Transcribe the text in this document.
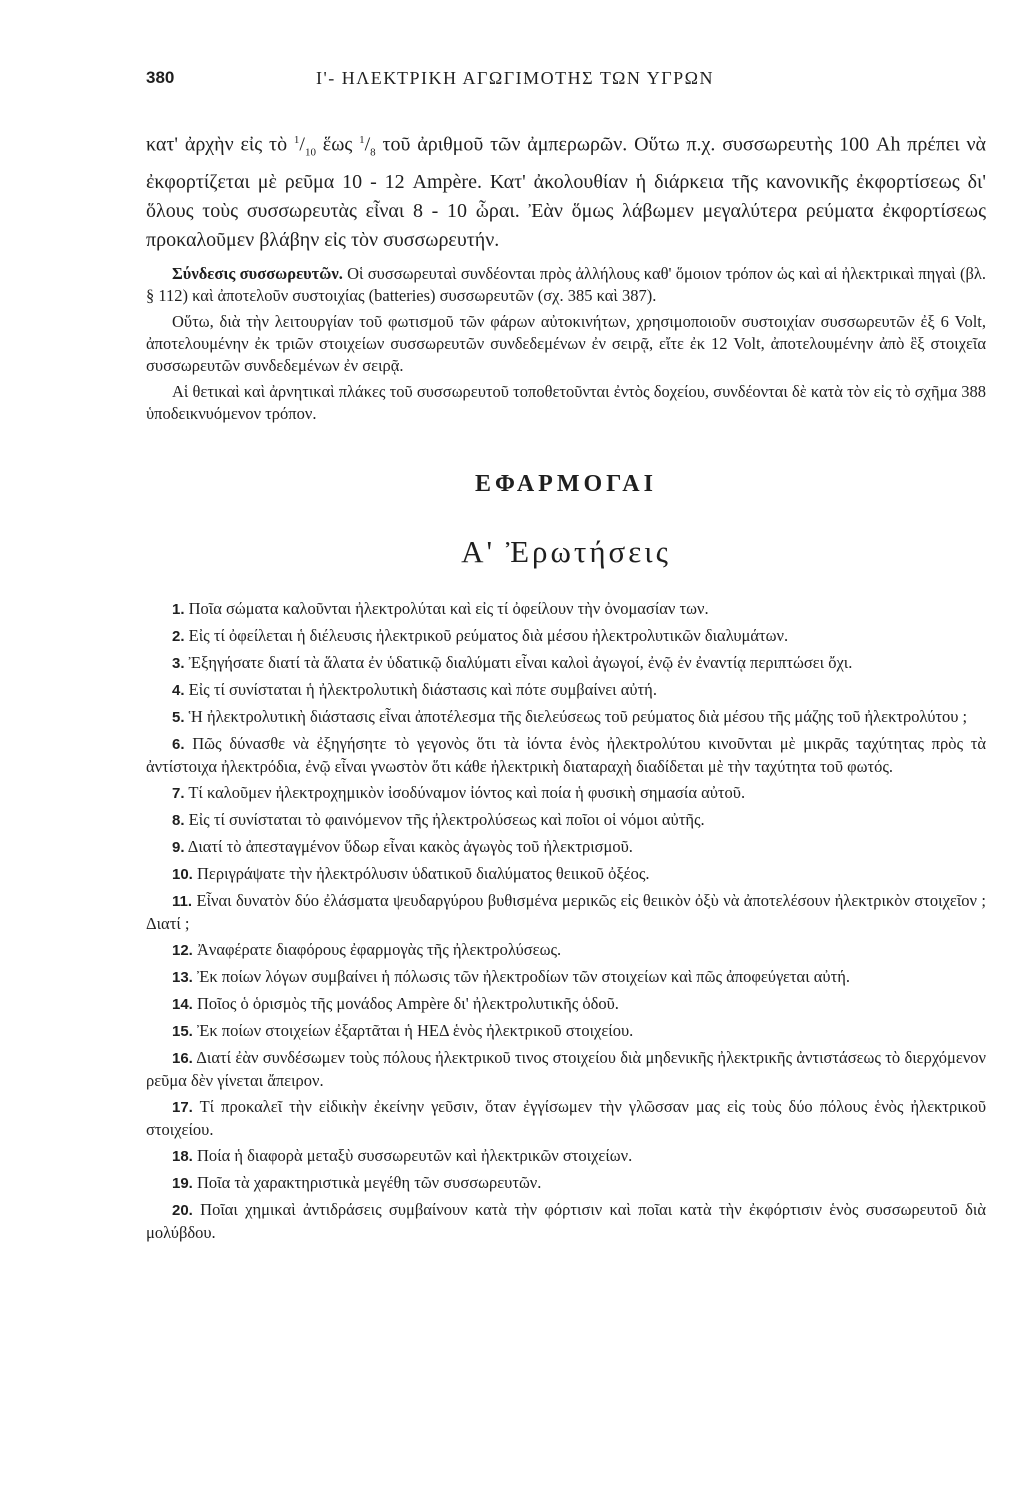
380	Ι'- ΗΛΕΚΤΡΙΚΗ ΑΓΩΓΙΜΟΤΗΣ ΤΩΝ ΥΓΡΩΝ

κατ' ἀρχὴν εἰς τὸ $^1/_{10}$ ἕως $^1/_8$ τοῦ ἀριθμοῦ τῶν ἀμπερωρῶν. Οὕτω π.χ. συσσωρευτὴς 100 Ah πρέπει νὰ ἐκφορτίζεται μὲ ρεῦμα 10 - 12 Ampère. Κατ' ἀκολουθίαν ἡ διάρκεια τῆς κανονικῆς ἐκφορτίσεως δι' ὅλους τοὺς συσσωρευτὰς εἶναι 8 - 10 ὧραι. Ἐὰν ὅμως λάβωμεν μεγαλύτερα ρεύματα ἐκφορτίσεως προκαλοῦμεν βλάβην εἰς τὸν συσσωρευτήν.

Σύνδεσις συσσωρευτῶν. Οἱ συσσωρευταὶ συνδέονται πρὸς ἀλλήλους καθ' ὅμοιον τρόπον ὡς καὶ αἱ ἠλεκτρικαὶ πηγαὶ (βλ. § 112) καὶ ἀποτελοῦν συστοιχίας (batteries) συσσωρευτῶν (σχ. 385 καὶ 387).

Οὕτω, διὰ τὴν λειτουργίαν τοῦ φωτισμοῦ τῶν φάρων αὐτοκινήτων, χρησιμοποιοῦν συστοιχίαν συσσωρευτῶν ἐξ 6 Volt, ἀποτελουμένην ἐκ τριῶν στοιχείων συσσωρευτῶν συνδεδεμένων ἐν σειρᾷ, εἴτε ἐκ 12 Volt, ἀποτελουμένην ἀπὸ ἓξ στοιχεῖα συσσωρευτῶν συνδεδεμένων ἐν σειρᾷ.

Αἱ θετικαὶ καὶ ἀρνητικαὶ πλάκες τοῦ συσσωρευτοῦ τοποθετοῦνται ἐντὸς δοχείου, συνδέονται δὲ κατὰ τὸν εἰς τὸ σχῆμα 388 ὑποδεικνυόμενον τρόπον.

ΕΦΑΡΜΟΓΑΙ
Α' Ἐρωτήσεις
1. Ποῖα σώματα καλοῦνται ἠλεκτρολύται καὶ εἰς τί ὀφείλουν τὴν ὀνομασίαν των.
2. Εἰς τί ὀφείλεται ἡ διέλευσις ἠλεκτρικοῦ ρεύματος διὰ μέσου ἠλεκτρολυτικῶν διαλυμάτων.
3. Ἐξηγήσατε διατί τὰ ἅλατα ἐν ὑδατικῷ διαλύματι εἶναι καλοὶ ἀγωγοί, ἐνῷ ἐν ἐναντίᾳ περιπτώσει ὄχι.
4. Εἰς τί συνίσταται ἡ ἠλεκτρολυτικὴ διάστασις καὶ πότε συμβαίνει αὐτή.
5. Ἡ ἠλεκτρολυτικὴ διάστασις εἶναι ἀποτέλεσμα τῆς διελεύσεως τοῦ ρεύματος διὰ μέσου τῆς μάζης τοῦ ἠλεκτρολύτου ;
6. Πῶς δύνασθε νὰ ἐξηγήσητε τὸ γεγονὸς ὅτι τὰ ἰόντα ἑνὸς ἠλεκτρολύτου κινοῦνται μὲ μικρᾶς ταχύτητας πρὸς τὰ ἀντίστοιχα ἠλεκτρόδια, ἐνῷ εἶναι γνωστὸν ὅτι κάθε ἠλεκτρικὴ διαταραχὴ διαδίδεται μὲ τὴν ταχύτητα τοῦ φωτός.
7. Τί καλοῦμεν ἠλεκτροχημικὸν ἰσοδύναμον ἰόντος καὶ ποία ἡ φυσικὴ σημασία αὐτοῦ.
8. Εἰς τί συνίσταται τὸ φαινόμενον τῆς ἠλεκτρολύσεως καὶ ποῖοι οἱ νόμοι αὐτῆς.
9. Διατί τὸ ἀπεσταγμένον ὕδωρ εἶναι κακὸς ἀγωγὸς τοῦ ἠλεκτρισμοῦ.
10. Περιγράψατε τὴν ἠλεκτρόλυσιν ὑδατικοῦ διαλύματος θειικοῦ ὀξέος.
11. Εἶναι δυνατὸν δύο ἐλάσματα ψευδαργύρου βυθισμένα μερικῶς εἰς θειικὸν ὀξὺ νὰ ἀποτελέσουν ἠλεκτρικὸν στοιχεῖον ; Διατί ;
12. Ἀναφέρατε διαφόρους ἐφαρμογὰς τῆς ἠλεκτρολύσεως.
13. Ἐκ ποίων λόγων συμβαίνει ἡ πόλωσις τῶν ἠλεκτροδίων τῶν στοιχείων καὶ πῶς ἀποφεύγεται αὐτή.
14. Ποῖος ὁ ὁρισμὸς τῆς μονάδος Ampère δι' ἠλεκτρολυτικῆς ὁδοῦ.
15. Ἐκ ποίων στοιχείων ἐξαρτᾶται ἡ ΗΕΔ ἑνὸς ἠλεκτρικοῦ στοιχείου.
16. Διατί ἐὰν συνδέσωμεν τοὺς πόλους ἠλεκτρικοῦ τινος στοιχείου διὰ μηδενικῆς ἠλεκτρικῆς ἀντιστάσεως τὸ διερχόμενον ρεῦμα δὲν γίνεται ἄπειρον.
17. Τί προκαλεῖ τὴν εἰδικὴν ἐκείνην γεῦσιν, ὅταν ἐγγίσωμεν τὴν γλῶσσαν μας εἰς τοὺς δύο πόλους ἑνὸς ἠλεκτρικοῦ στοιχείου.
18. Ποία ἡ διαφορὰ μεταξὺ συσσωρευτῶν καὶ ἠλεκτρικῶν στοιχείων.
19. Ποῖα τὰ χαρακτηριστικὰ μεγέθη τῶν συσσωρευτῶν.
20. Ποῖαι χημικαὶ ἀντιδράσεις συμβαίνουν κατὰ τὴν φόρτισιν καὶ ποῖαι κατὰ τὴν ἐκφόρτισιν ἑνὸς συσσωρευτοῦ διὰ μολύβδου.
